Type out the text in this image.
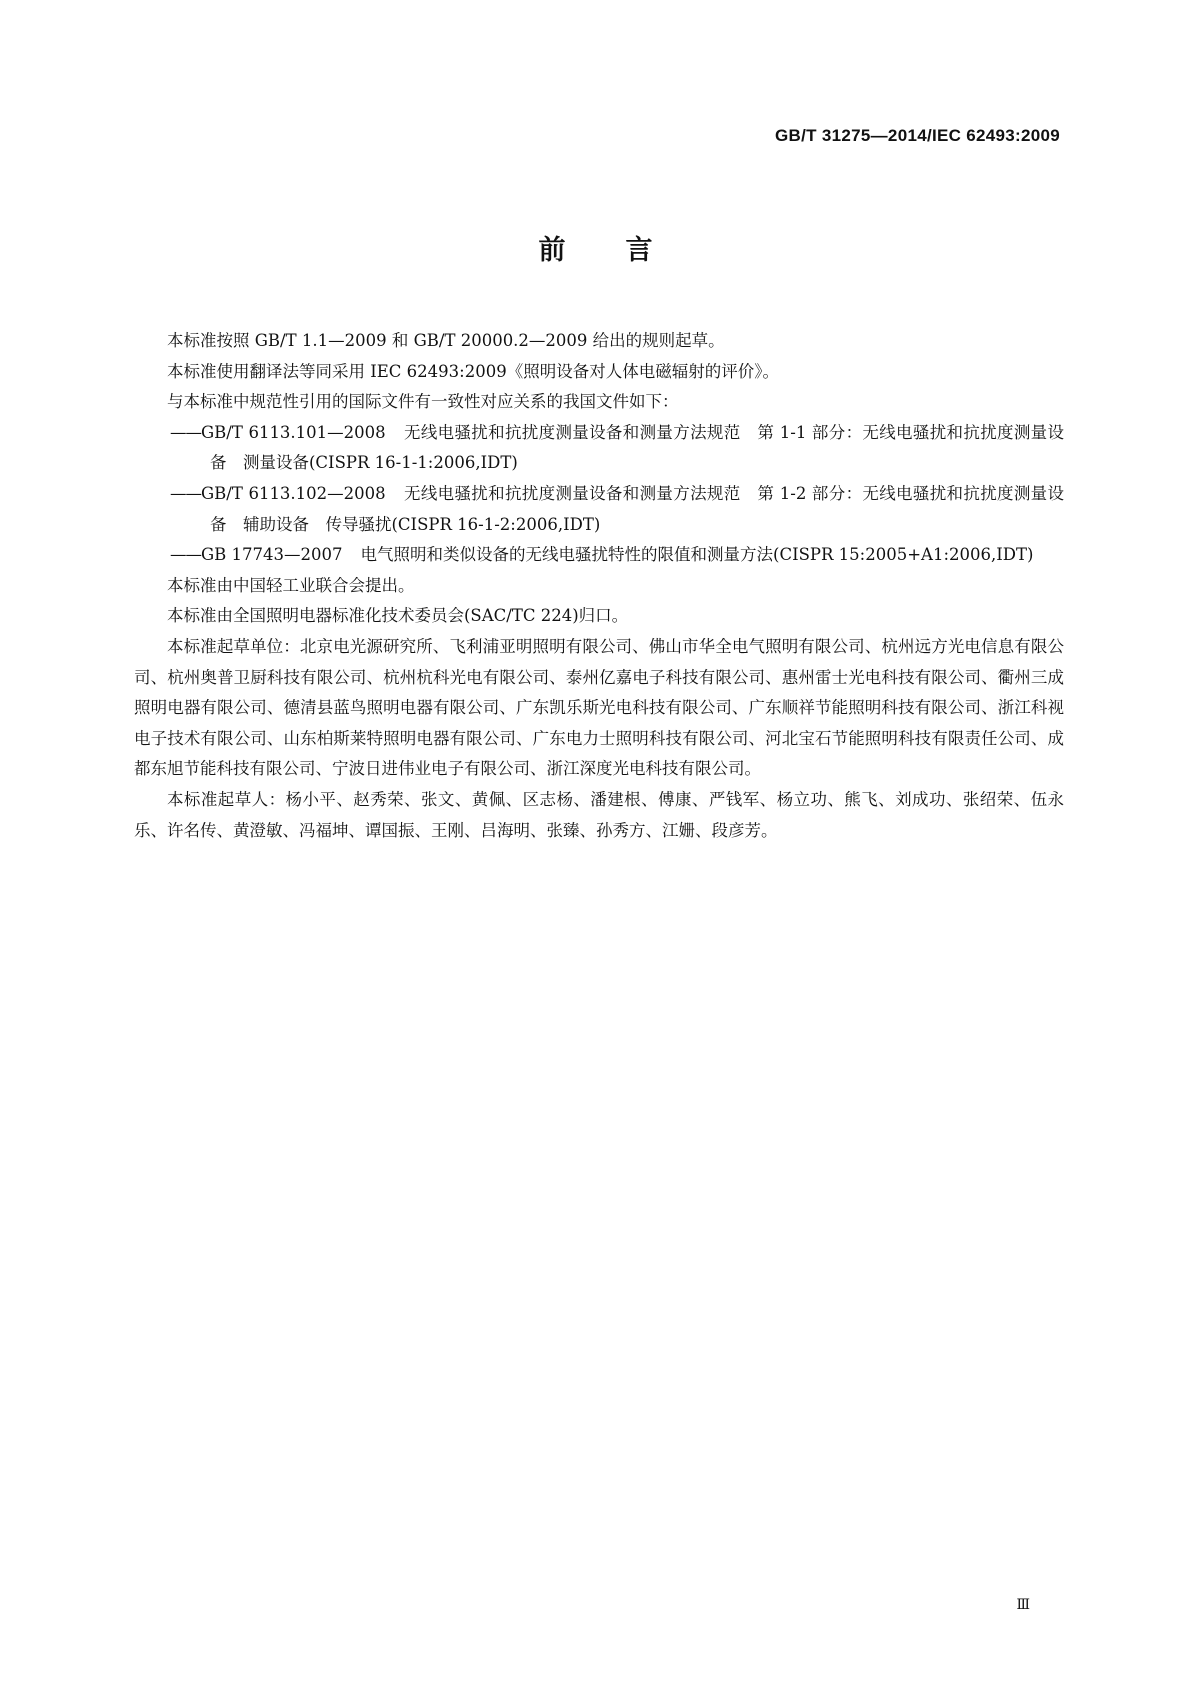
GB/T 31275—2014/IEC 62493:2009
前 言

本标准按照 GB/T 1.1—2009 和 GB/T 20000.2—2009 给出的规则起草。

本标准使用翻译法等同采用 IEC 62493:2009《照明设备对人体电磁辐射的评价》。

与本标准中规范性引用的国际文件有一致性对应关系的我国文件如下：

——GB/T 6113.101—2008 无线电骚扰和抗扰度测量设备和测量方法规范　第 1-1 部分：无线电骚扰和抗扰度测量设备　测量设备(CISPR 16-1-1:2006,IDT)

——GB/T 6113.102—2008 无线电骚扰和抗扰度测量设备和测量方法规范　第 1-2 部分：无线电骚扰和抗扰度测量设备　辅助设备　传导骚扰(CISPR 16-1-2:2006,IDT)

——GB 17743—2007 电气照明和类似设备的无线电骚扰特性的限值和测量方法(CISPR 15:2005+A1:2006,IDT)

本标准由中国轻工业联合会提出。

本标准由全国照明电器标准化技术委员会(SAC/TC 224)归口。

本标准起草单位：北京电光源研究所、飞利浦亚明照明有限公司、佛山市华全电气照明有限公司、杭州远方光电信息有限公司、杭州奥普卫厨科技有限公司、杭州杭科光电有限公司、泰州亿嘉电子科技有限公司、惠州雷士光电科技有限公司、衢州三成照明电器有限公司、德清县蓝鸟照明电器有限公司、广东凯乐斯光电科技有限公司、广东顺祥节能照明科技有限公司、浙江科视电子技术有限公司、山东柏斯莱特照明电器有限公司、广东电力士照明科技有限公司、河北宝石节能照明科技有限责任公司、成都东旭节能科技有限公司、宁波日进伟业电子有限公司、浙江深度光电科技有限公司。

本标准起草人：杨小平、赵秀荣、张文、黄佩、区志杨、潘建根、傅康、严钱军、杨立功、熊飞、刘成功、张绍荣、伍永乐、许名传、黄澄敏、冯福坤、谭国振、王刚、吕海明、张臻、孙秀方、江姗、段彦芳。

Ⅲ
